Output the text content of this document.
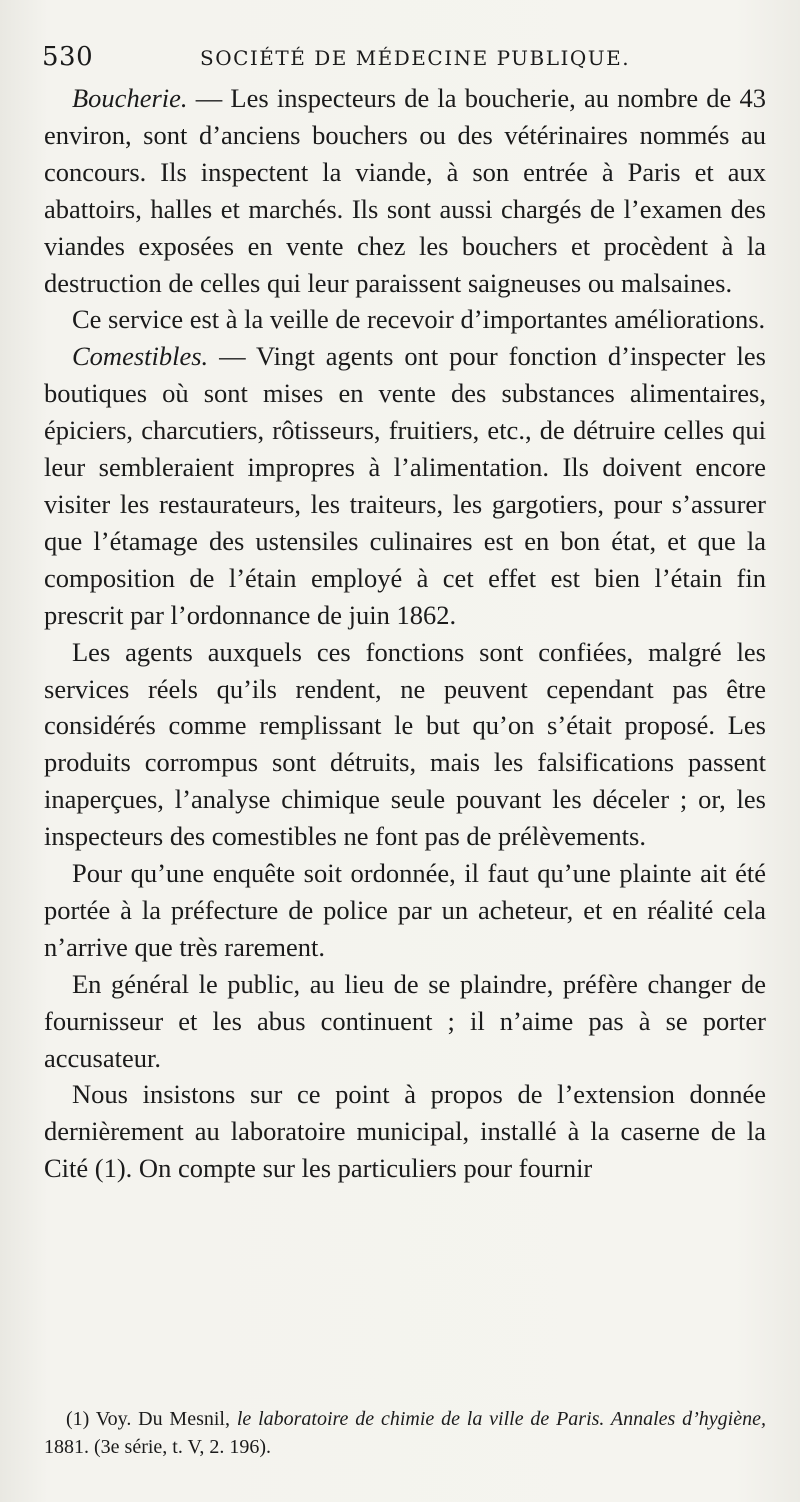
530	SOCIÉTÉ DE MÉDECINE PUBLIQUE.

Boucherie. — Les inspecteurs de la boucherie, au nombre de 43 environ, sont d’anciens bouchers ou des vétérinaires nommés au concours. Ils inspectent la viande, à son entrée à Paris et aux abattoirs, halles et marchés. Ils sont aussi chargés de l’examen des viandes exposées en vente chez les bouchers et procèdent à la destruction de celles qui leur paraissent saigneuses ou malsaines.

Ce service est à la veille de recevoir d’importantes améliorations.

Comestibles. — Vingt agents ont pour fonction d’inspecter les boutiques où sont mises en vente des substances alimentaires, épiciers, charcutiers, rôtisseurs, fruitiers, etc., de détruire celles qui leur sembleraient impropres à l’alimentation. Ils doivent encore visiter les restaurateurs, les traiteurs, les gargotiers, pour s’assurer que l’étamage des ustensiles culinaires est en bon état, et que la composition de l’étain employé à cet effet est bien l’étain fin prescrit par l’ordonnance de juin 1862.

Les agents auxquels ces fonctions sont confiées, malgré les services réels qu’ils rendent, ne peuvent cependant pas être considérés comme remplissant le but qu’on s’était proposé. Les produits corrompus sont détruits, mais les falsifications passent inaperçues, l’analyse chimique seule pouvant les déceler ; or, les inspecteurs des comestibles ne font pas de prélèvements.

Pour qu’une enquête soit ordonnée, il faut qu’une plainte ait été portée à la préfecture de police par un acheteur, et en réalité cela n’arrive que très rarement.

En général le public, au lieu de se plaindre, préfère changer de fournisseur et les abus continuent ; il n’aime pas à se porter accusateur.

Nous insistons sur ce point à propos de l’extension donnée dernièrement au laboratoire municipal, installé à la caserne de la Cité (1). On compte sur les particuliers pour fournir

(1) Voy. Du Mesnil, le laboratoire de chimie de la ville de Paris. Annales d’hygiène, 1881. (3e série, t. V, 2. 196).
